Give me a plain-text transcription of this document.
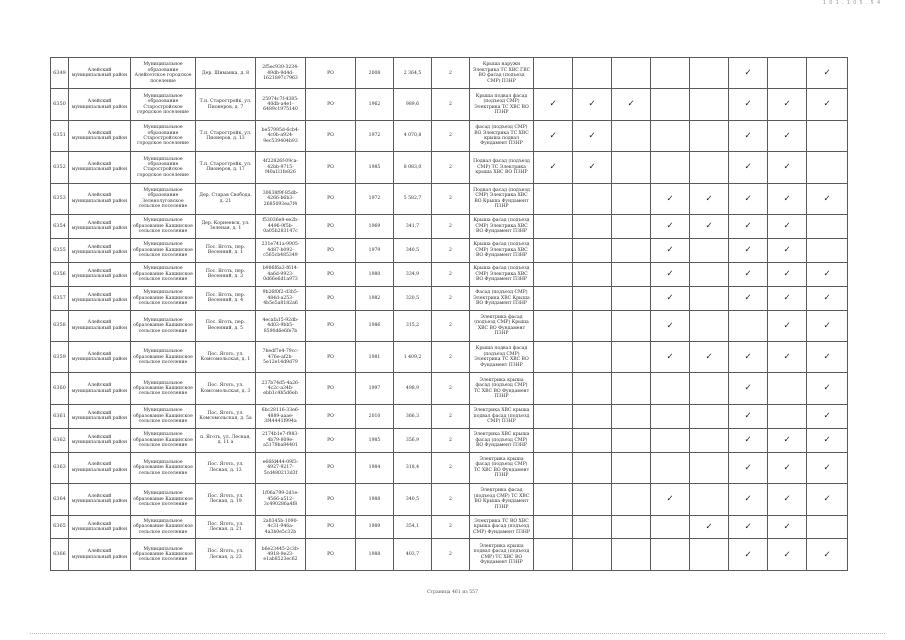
1 0 1 . 1 0 5 . 5 4
6349	Алейский муниципальный район	Муниципальное образование Алейсетское городское поселение	Дер. Шиманка, д. 8	2f5ec930-3234-49db-9d4d-1621897c7963	РО	2008	2 364,5	2	Крыша наружн Электрика ТС ХВС ГВС ВО фасад (подъезд СМР) ПЗНР						✓		✓
6350	Алейский муниципальный район	Муниципальное образование Старостройское городское поселение	Т.п. Старостройк, ул. Пионеров, д. 7	25974c7f-4385-40db-a4e1-6489c1975140	РО	1962	989,6	2	Крыша подвал фасад (подъезд СМР) Электрика ТС ХВС ВО ПЗНР	✓	✓	✓			✓	✓	✓
6351	Алейский муниципальный район	Муниципальное образование Старостройское городское поселение	Т.п. Старостройк, ул. Пионеров, д. 13	be57995d-6cb4-4c0b-a924-9ec539404b93	РО	1972	4 070,8	2	фасад (подъезд СМР) ВО Электрика ТС ХВС крыша подвал Фундамент ПЗНР	✓	✓				✓	✓	
6352	Алейский муниципальный район	Муниципальное образование Старостройское городское поселение	Т.п. Старостройк, ул. Пионеров, д. 17	4f22826f-09ca-42bb-9715-f40a1l1fe826	РО	1985	8 083,0	2	Подвал фасад (подъезд СМР) ТС Электрика крыша ХВС ВО ПЗНР	✓	✓				✓	✓	
6353	Алейский муниципальный район	Муниципальное образование Зеленолуговское сельское поселение	Дер. Старая Свобода, д. 21	30638f9f-85db-4266-b6b3-2685093ea7f4	РО	1972	5 582,7	2	Подвал фасад (подъезд СМР) Электрика ХВС ВО Крыша Фундамент ПЗНР				✓	✓	✓	✓	✓
6354	Алейский муниципальный район	Муниципальное образование Кашинское сельское поселение	Дер. Корнеевск, ул. Зеленая, д. 1	f53036e8-ee2b-4496-9f5b-0a05b283147c	РО	1969	341,7	2	Крыша фасад (подъезд СМР) Электрика ХВС ВО Фундамент ПЗНР				✓	✓	✓	✓	
6355	Алейский муниципальный район	Муниципальное образование Кашинское сельское поселение	Пос. Яготь, пер. Весенний, д. 1	231e741a-9905-4d87-b092-c565cb485349	РО	1979	340,5	2	Крыша фасад (подъезд СМР) Электрика ХВС ВО Фундамент ПЗНР				✓		✓	✓	
6356	Алейский муниципальный район	Муниципальное образование Кашинское сельское поселение	Пос. Яготь, пер. Весенний, д. 3	b986f6a3-f614-4a6d-9923-0d66e6d1a973	РО	1980	334,9	2	Крыша фасад (подъезд СМР) Электрика ХВС ВО Фундамент ПЗНР				✓		✓	✓	✓
6357	Алейский муниципальный район	Муниципальное образование Кашинское сельское поселение	Пос. Яготь, пер. Весенний, д. 4	9b26f0f2-d3b5-484d-a253-4b5e5a8182a6	РО	1982	320,5	2	Фасад (подъезд СМР) Электрика ХВС Крыша ВО Фундамент ПЗНР				✓		✓	✓	✓
6358	Алейский муниципальный район	Муниципальное образование Кашинское сельское поселение	Пос. Яготь, пер. Весенний, д. 5	4ecafa15-92db-4d03-9bb5-8590d6e6fe7b	РО	1986	315,2	2	Электрика фасад (подъезд СМР) Крыша ХВС ВО Фундамент ПЗНР				✓			✓	✓
6359	Алейский муниципальный район	Муниципальное образование Кашинское сельское поселение	Пос. Яготь, ул. Комсомольская, д. 1	7bedf7e4-79cc-476e-af2b-5e12e14d9d79	РО	1981	1 409,2	2	Крыша подвал фасад (подъезд СМР) Электрика ТС ХВС ВО Фундамент ПЗНР				✓	✓	✓	✓	✓
6360	Алейский муниципальный район	Муниципальное образование Кашинское сельское поселение	Пос. Яготь, ул. Комсомольская, д. 3	237b74d5-4a26-4c2c-a34b-ebb1c4b5d6eb	РО	1997	498,9	2	Электрика крыша фасад (подъезд СМР) ТС ХВС ВО Фундамент ПЗНР						✓		✓
6361	Алейский муниципальный район	Муниципальное образование Кашинское сельское поселение	Пос. Яготь, ул. Комсомольская, д. 5а	6bc28116-33e6-4889-aaae-3f44441f994a	РО	2010	366,3	2	Электрика ХВС крыша подвал фасад (подъезд СМР) ПЗНР						✓		✓
6362	Алейский муниципальный район	Муниципальное образование Кашинское сельское поселение	п. Яготь, ул. Лесная, д. 11 а	2174b1e7-f983-4b79-809e-a5179ba84401	РО	1985	356,9	2	Электрика ХВС крыша фасад (подъезд СМР) ВО Фундамент ПЗНР						✓	✓	✓
6363	Алейский муниципальный район	Муниципальное образование Кашинское сельское поселение	Пос. Яготь, ул. Лесная, д. 13	e66fd444-09f3-4927-9217-5cd480213d3f	РО	1984	318,4	2	Электрика крыша фасад (подъезд СМР) ТС ХВС ВО Фундамент ПЗНР						✓	✓	✓
6364	Алейский муниципальный район	Муниципальное образование Кашинское сельское поселение	Пос. Яготь, ул. Лесная, д. 19	1f06a799-2d1e-4566-a512-3c490286a4f8	РО	1988	340,5	2	Электрика фасад (подъезд СМР) ТС ХВС ВО Крыша Фундамент ПЗНР				✓		✓	✓	✓
6365	Алейский муниципальный район	Муниципальное образование Кашинское сельское поселение	Пос. Яготь, ул. Лесная, д. 21	2a0345b-1090-4c31-946a-4a3b0e5c32b	РО	1989	354,1	2	Электрика ТС ВО ХВС крыша фасад (подъезд СМР) Фундамент ПЗНР					✓	✓	✓	
6366	Алейский муниципальный район	Муниципальное образование Кашинское сельское поселение	Пос. Яготь, ул. Лесная, д. 23	b6e23445-2c3b-4918-9e23-e1ab8523ec62	РО	1988	403,7	2	Электрика крыша подвал фасад (подъезд СМР) ТС ХВС ВО Фундамент ПЗНР						✓	✓	✓
Страница 461 из 557
